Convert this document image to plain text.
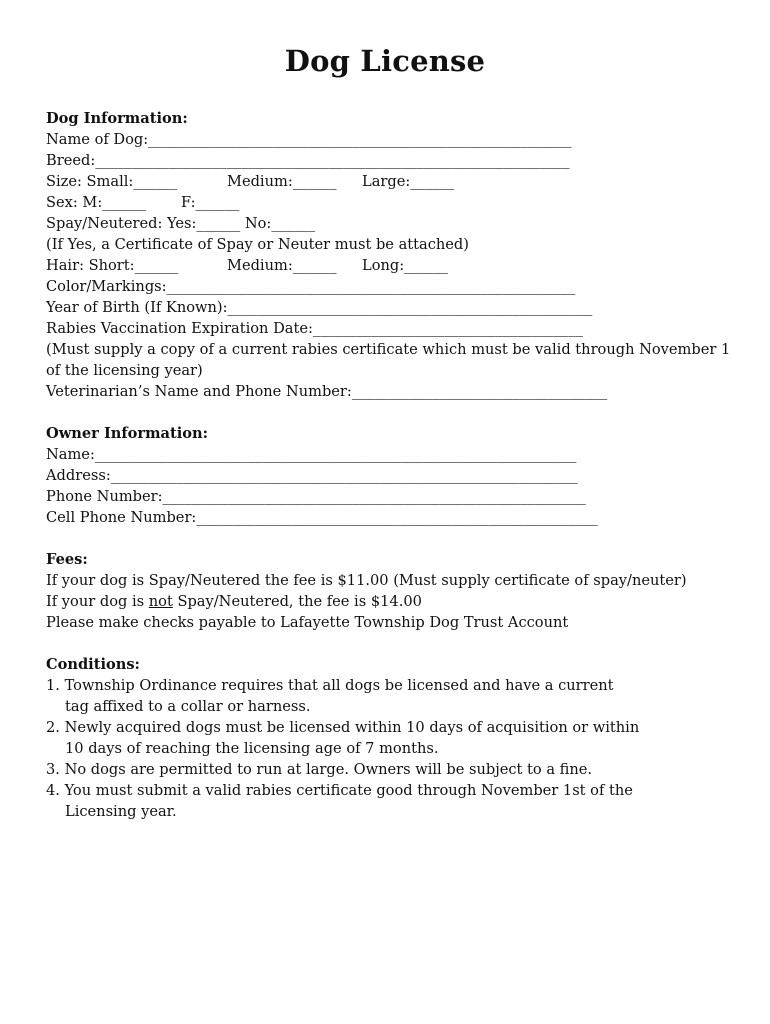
Dog License
Dog Information:
Name of Dog:__________________________________________________________
Breed:_________________________________________________________________
Size: Small:______	Medium:______ Large:______
Sex: M:______ F:______
Spay/Neutered: Yes:______ No:______
(If Yes, a Certificate of Spay or Neuter must be attached)
Hair: Short:______	Medium:______ Long:______
Color/Markings:________________________________________________________
Year of Birth (If Known):__________________________________________________
Rabies Vaccination Expiration Date:_____________________________________
(Must supply a copy of a current rabies certificate which must be valid through November 1
of the licensing year)
Veterinarian’s Name and Phone Number:___________________________________
Owner Information:
Name:__________________________________________________________________
Address:________________________________________________________________
Phone Number:__________________________________________________________
Cell Phone Number:_______________________________________________________
Fees:
If your dog is Spay/Neutered the fee is $11.00 (Must supply certificate of spay/neuter)
If your dog is not Spay/Neutered, the fee is $14.00
Please make checks payable to Lafayette Township Dog Trust Account
Conditions:
1. Township Ordinance requires that all dogs be licensed and have a current
tag affixed to a collar or harness.
2. Newly acquired dogs must be licensed within 10 days of acquisition or within
10 days of reaching the licensing age of 7 months.
3. No dogs are permitted to run at large. Owners will be subject to a fine.
4. You must submit a valid rabies certificate good through November 1st of the
Licensing year.
